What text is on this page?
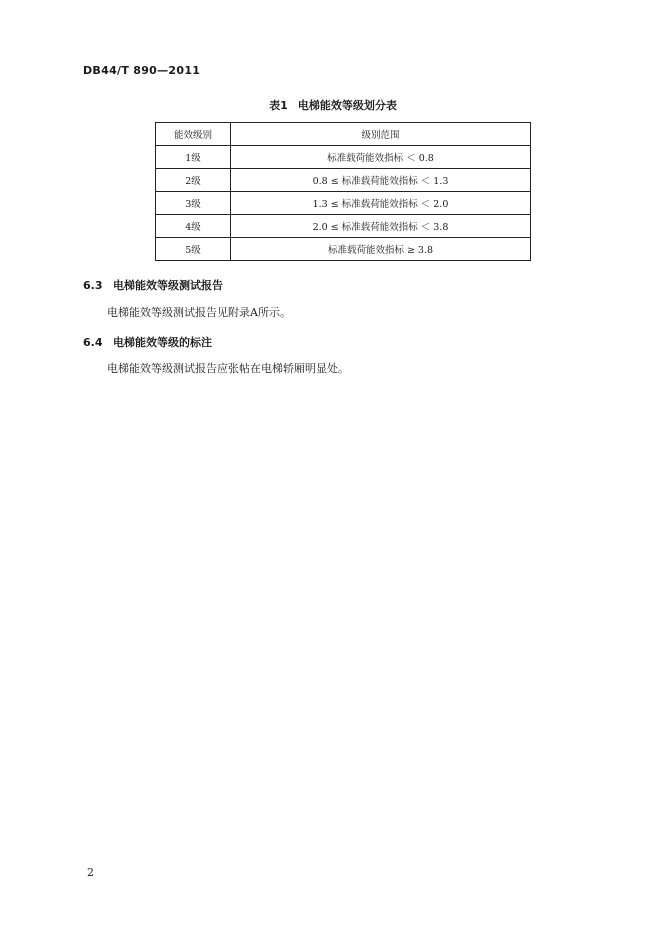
DB44/T 890—2011
表1 电梯能效等级划分表
能效级别	级别范围
1级	标准载荷能效指标 ＜ 0.8
2级	0.8 ≤ 标准载荷能效指标 ＜ 1.3
3级	1.3 ≤ 标准载荷能效指标 ＜ 2.0
4级	2.0 ≤ 标准载荷能效指标 ＜ 3.8
5级	标准载荷能效指标 ≥ 3.8
6.3 电梯能效等级测试报告
电梯能效等级测试报告见附录A所示。
6.4 电梯能效等级的标注
电梯能效等级测试报告应张帖在电梯轿厢明显处。
2
